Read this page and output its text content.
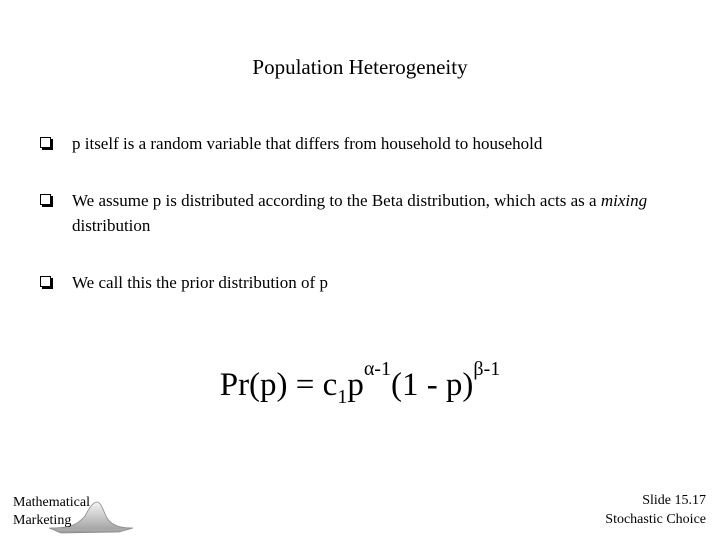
Population Heterogeneity
p itself is a random variable that differs from household to household
We assume p is distributed according to the Beta distribution, which acts as a mixing distribution
We call this the prior distribution of p
$Pr(p) = c_1p^{\alpha-1}(1 - p)^{\beta-1}$
Mathematical
Marketing
Slide 15.17
Stochastic Choice
